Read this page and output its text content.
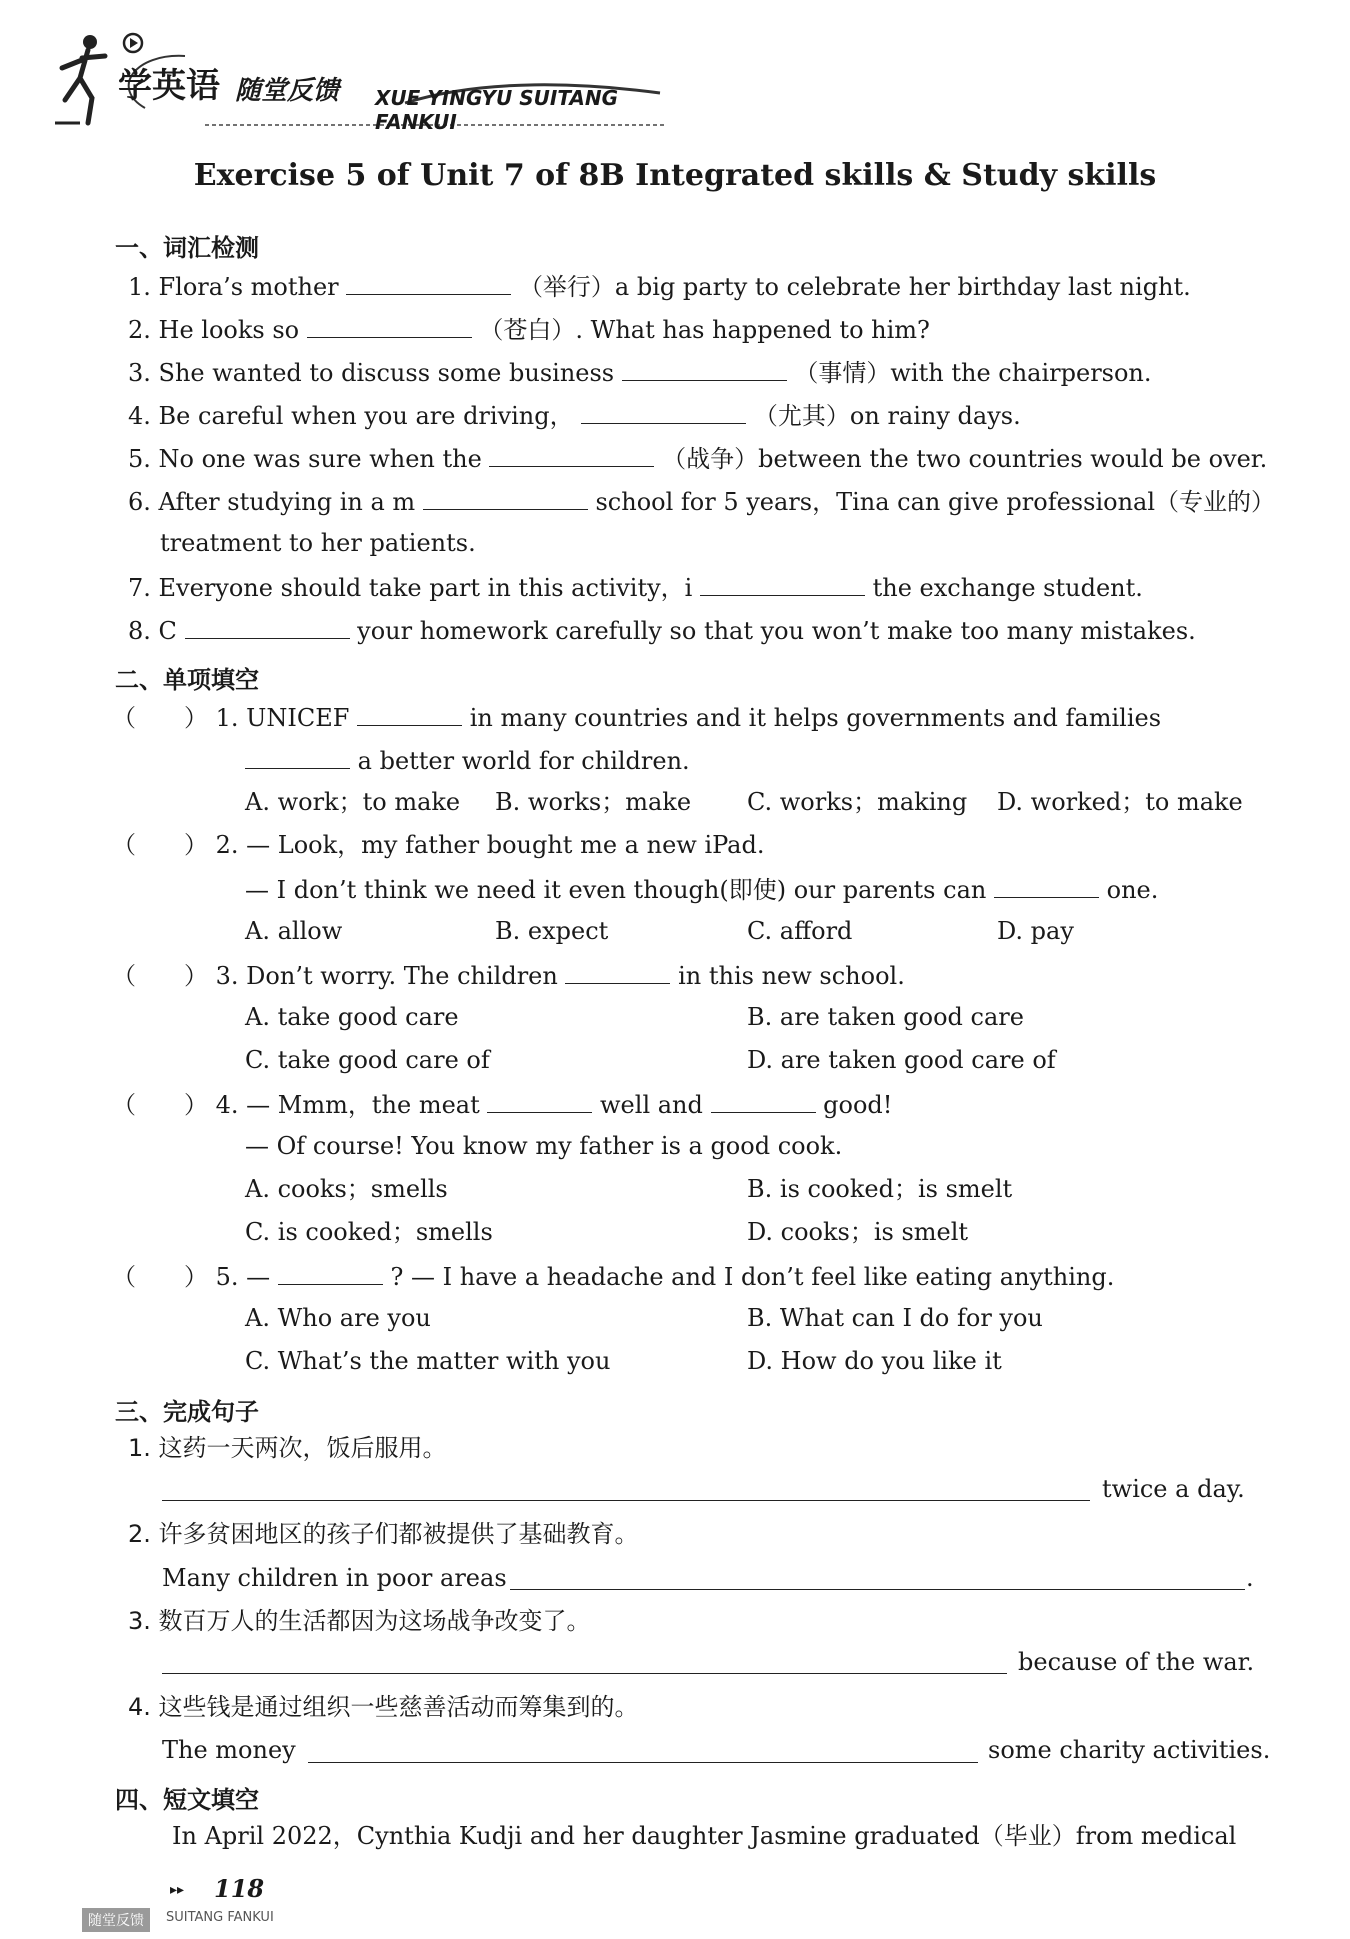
学英语 随堂反馈 XUE YINGYU SUITANG FANKUI
Exercise 5 of Unit 7 of 8B Integrated skills & Study skills
一、词汇检测
1. Flora’s mother	（举行）a big party to celebrate her birthday last night.
2. He looks so	（苍白）. What has happened to him?
3. She wanted to discuss some business	（事情）with the chairperson.
4. Be careful when you are driving，	（尤其）on rainy days.
5. No one was sure when the	（战争）between the two countries would be over.
6. After studying in a m	school for 5 years，Tina can give professional（专业的）
treatment to her patients.
7. Everyone should take part in this activity，i	the exchange student.
8. C	your homework carefully so that you won’t make too many mistakes.
二、单项填空
（　　） 1. UNICEF	in many countries and it helps governments and families
a better world for children.
A. work；to make B. works；make C. works；making D. worked；to make
（　　） 2. — Look，my father bought me a new iPad.
— I don’t think we need it even though(即使) our parents can	one.
A. allow	B. expect	C. afford	D. pay
（　　） 3. Don’t worry. The children	in this new school.
A. take good care	B. are taken good care
C. take good care of	D. are taken good care of
（　　） 4. — Mmm，the meat	well and	good!
— Of course! You know my father is a good cook.
A. cooks；smells	B. is cooked；is smelt
C. is cooked；smells	D. cooks；is smelt
（　　） 5. —	? — I have a headache and I don’t feel like eating anything.
A. Who are you	B. What can I do for you
C. What’s the matter with you	D. How do you like it
三、完成句子
1. 这药一天两次，饭后服用。
twice a day.
2. 许多贫困地区的孩子们都被提供了基础教育。
Many children in poor areas	.
3. 数百万人的生活都因为这场战争改变了。
because of the war.
4. 这些钱是通过组织一些慈善活动而筹集到的。
The money	some charity activities.
四、短文填空
In April 2022，Cynthia Kudji and her daughter Jasmine graduated（毕业）from medical
▸▸ 118
随堂反馈	SUITANG FANKUI
